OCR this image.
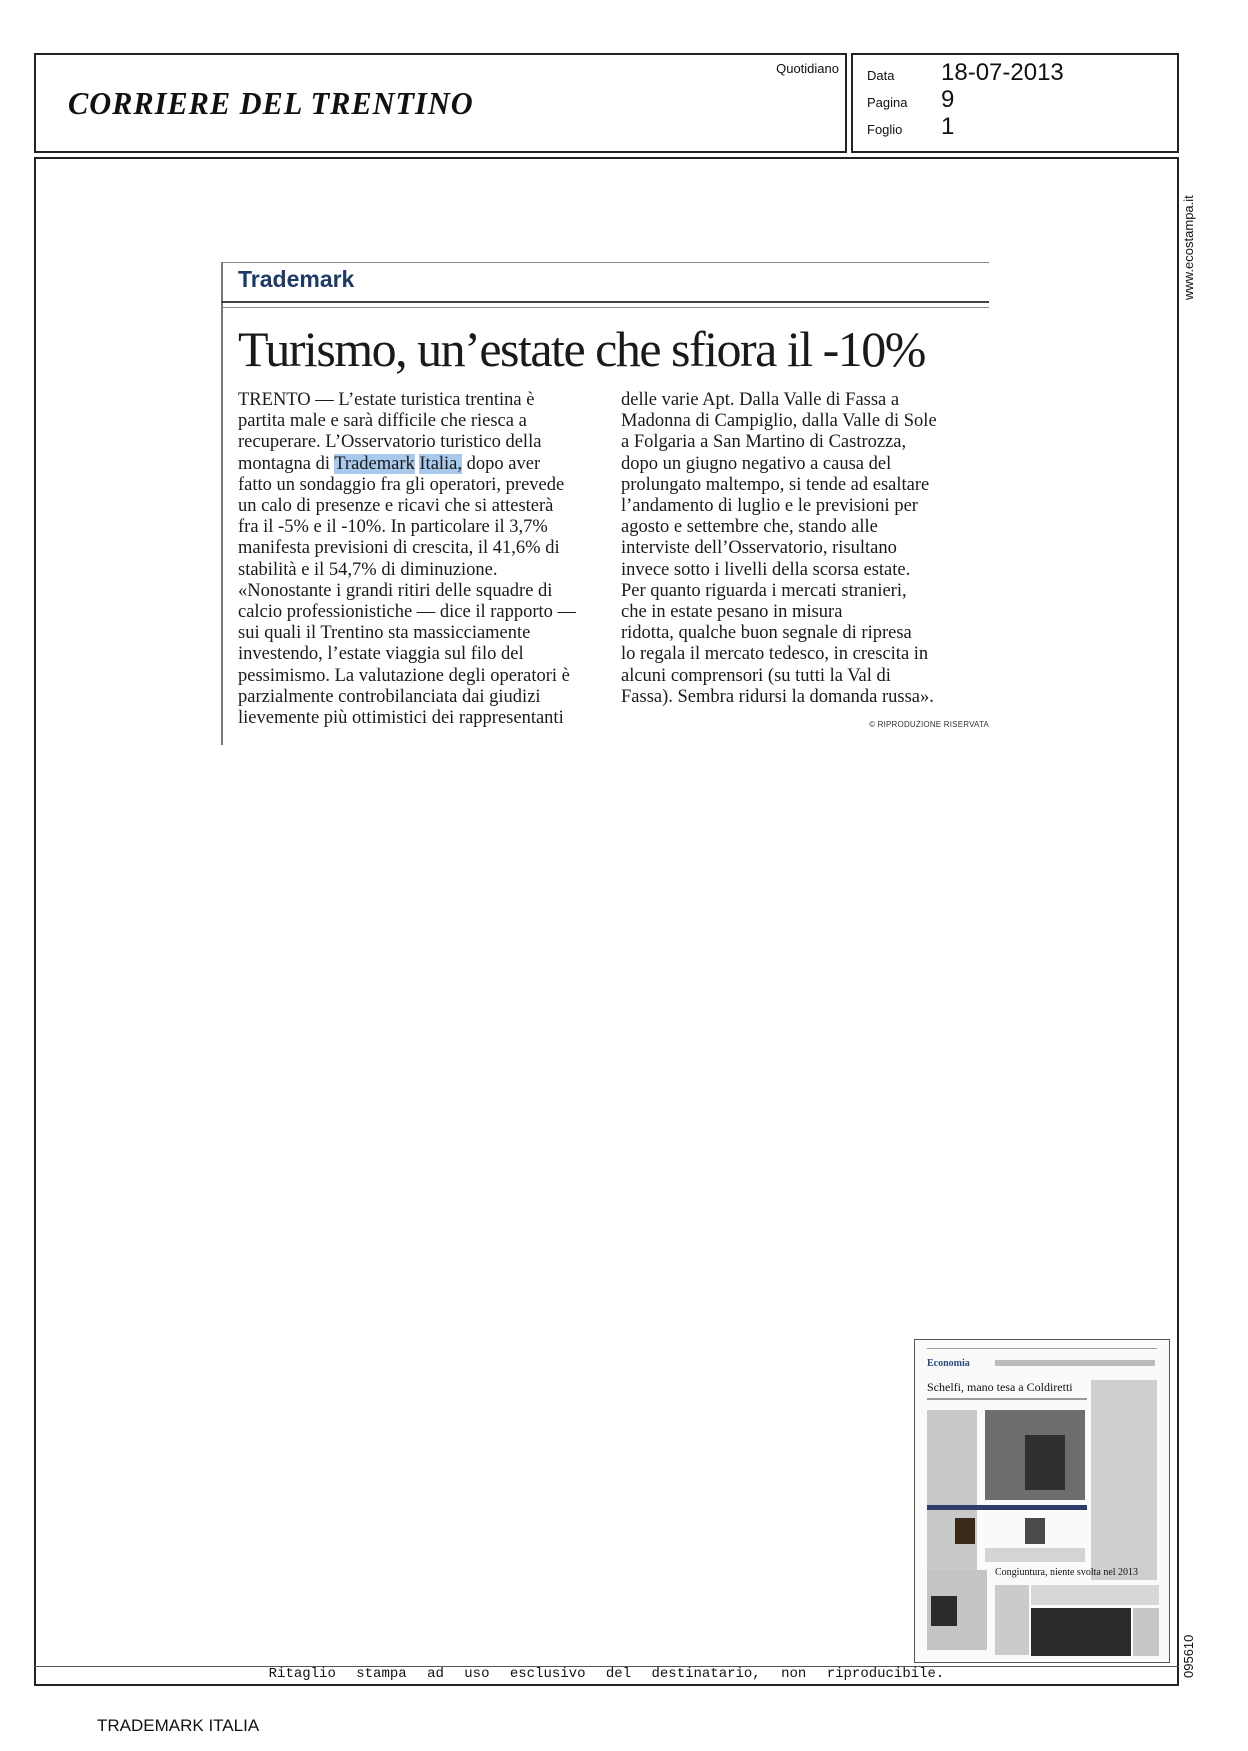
CORRIERE DEL TRENTINO
Quotidiano Data	18-07-2013
Pagina	9
Foglio	1
www.ecostampa.it
095610
Trademark
Turismo, un’estate che sfiora il -10%

TRENTO — L’estate turistica trentina è

partita male e sarà difficile che riesca a

recuperare. L’Osservatorio turistico della

montagna di Trademark Italia, dopo aver

fatto un sondaggio fra gli operatori, prevede

un calo di presenze e ricavi che si attesterà

fra il -5% e il -10%. In particolare il 3,7%

manifesta previsioni di crescita, il 41,6% di

stabilità e il 54,7% di diminuzione.

«Nonostante i grandi ritiri delle squadre di

calcio professionistiche — dice il rapporto —

sui quali il Trentino sta massicciamente

investendo, l’estate viaggia sul filo del

pessimismo. La valutazione degli operatori è

parzialmente controbilanciata dai giudizi

lievemente più ottimistici dei rappresentanti

delle varie Apt. Dalla Valle di Fassa a

Madonna di Campiglio, dalla Valle di Sole

a Folgaria a San Martino di Castrozza,

dopo un giugno negativo a causa del

prolungato maltempo, si tende ad esaltare

l’andamento di luglio e le previsioni per

agosto e settembre che, stando alle

interviste dell’Osservatorio, risultano

invece sotto i livelli della scorsa estate.

Per quanto riguarda i mercati stranieri,

che in estate pesano in misura

ridotta, qualche buon segnale di ripresa

lo regala il mercato tedesco, in crescita in

alcuni comprensori (su tutti la Val di

Fassa). Sembra ridursi la domanda russa».

© RIPRODUZIONE RISERVATA
Economia
Schelfi, mano tesa a Coldiretti
Congiuntura, niente svolta nel 2013
Ritaglio stampa ad uso esclusivo del destinatario, non riproducibile.
TRADEMARK ITALIA
